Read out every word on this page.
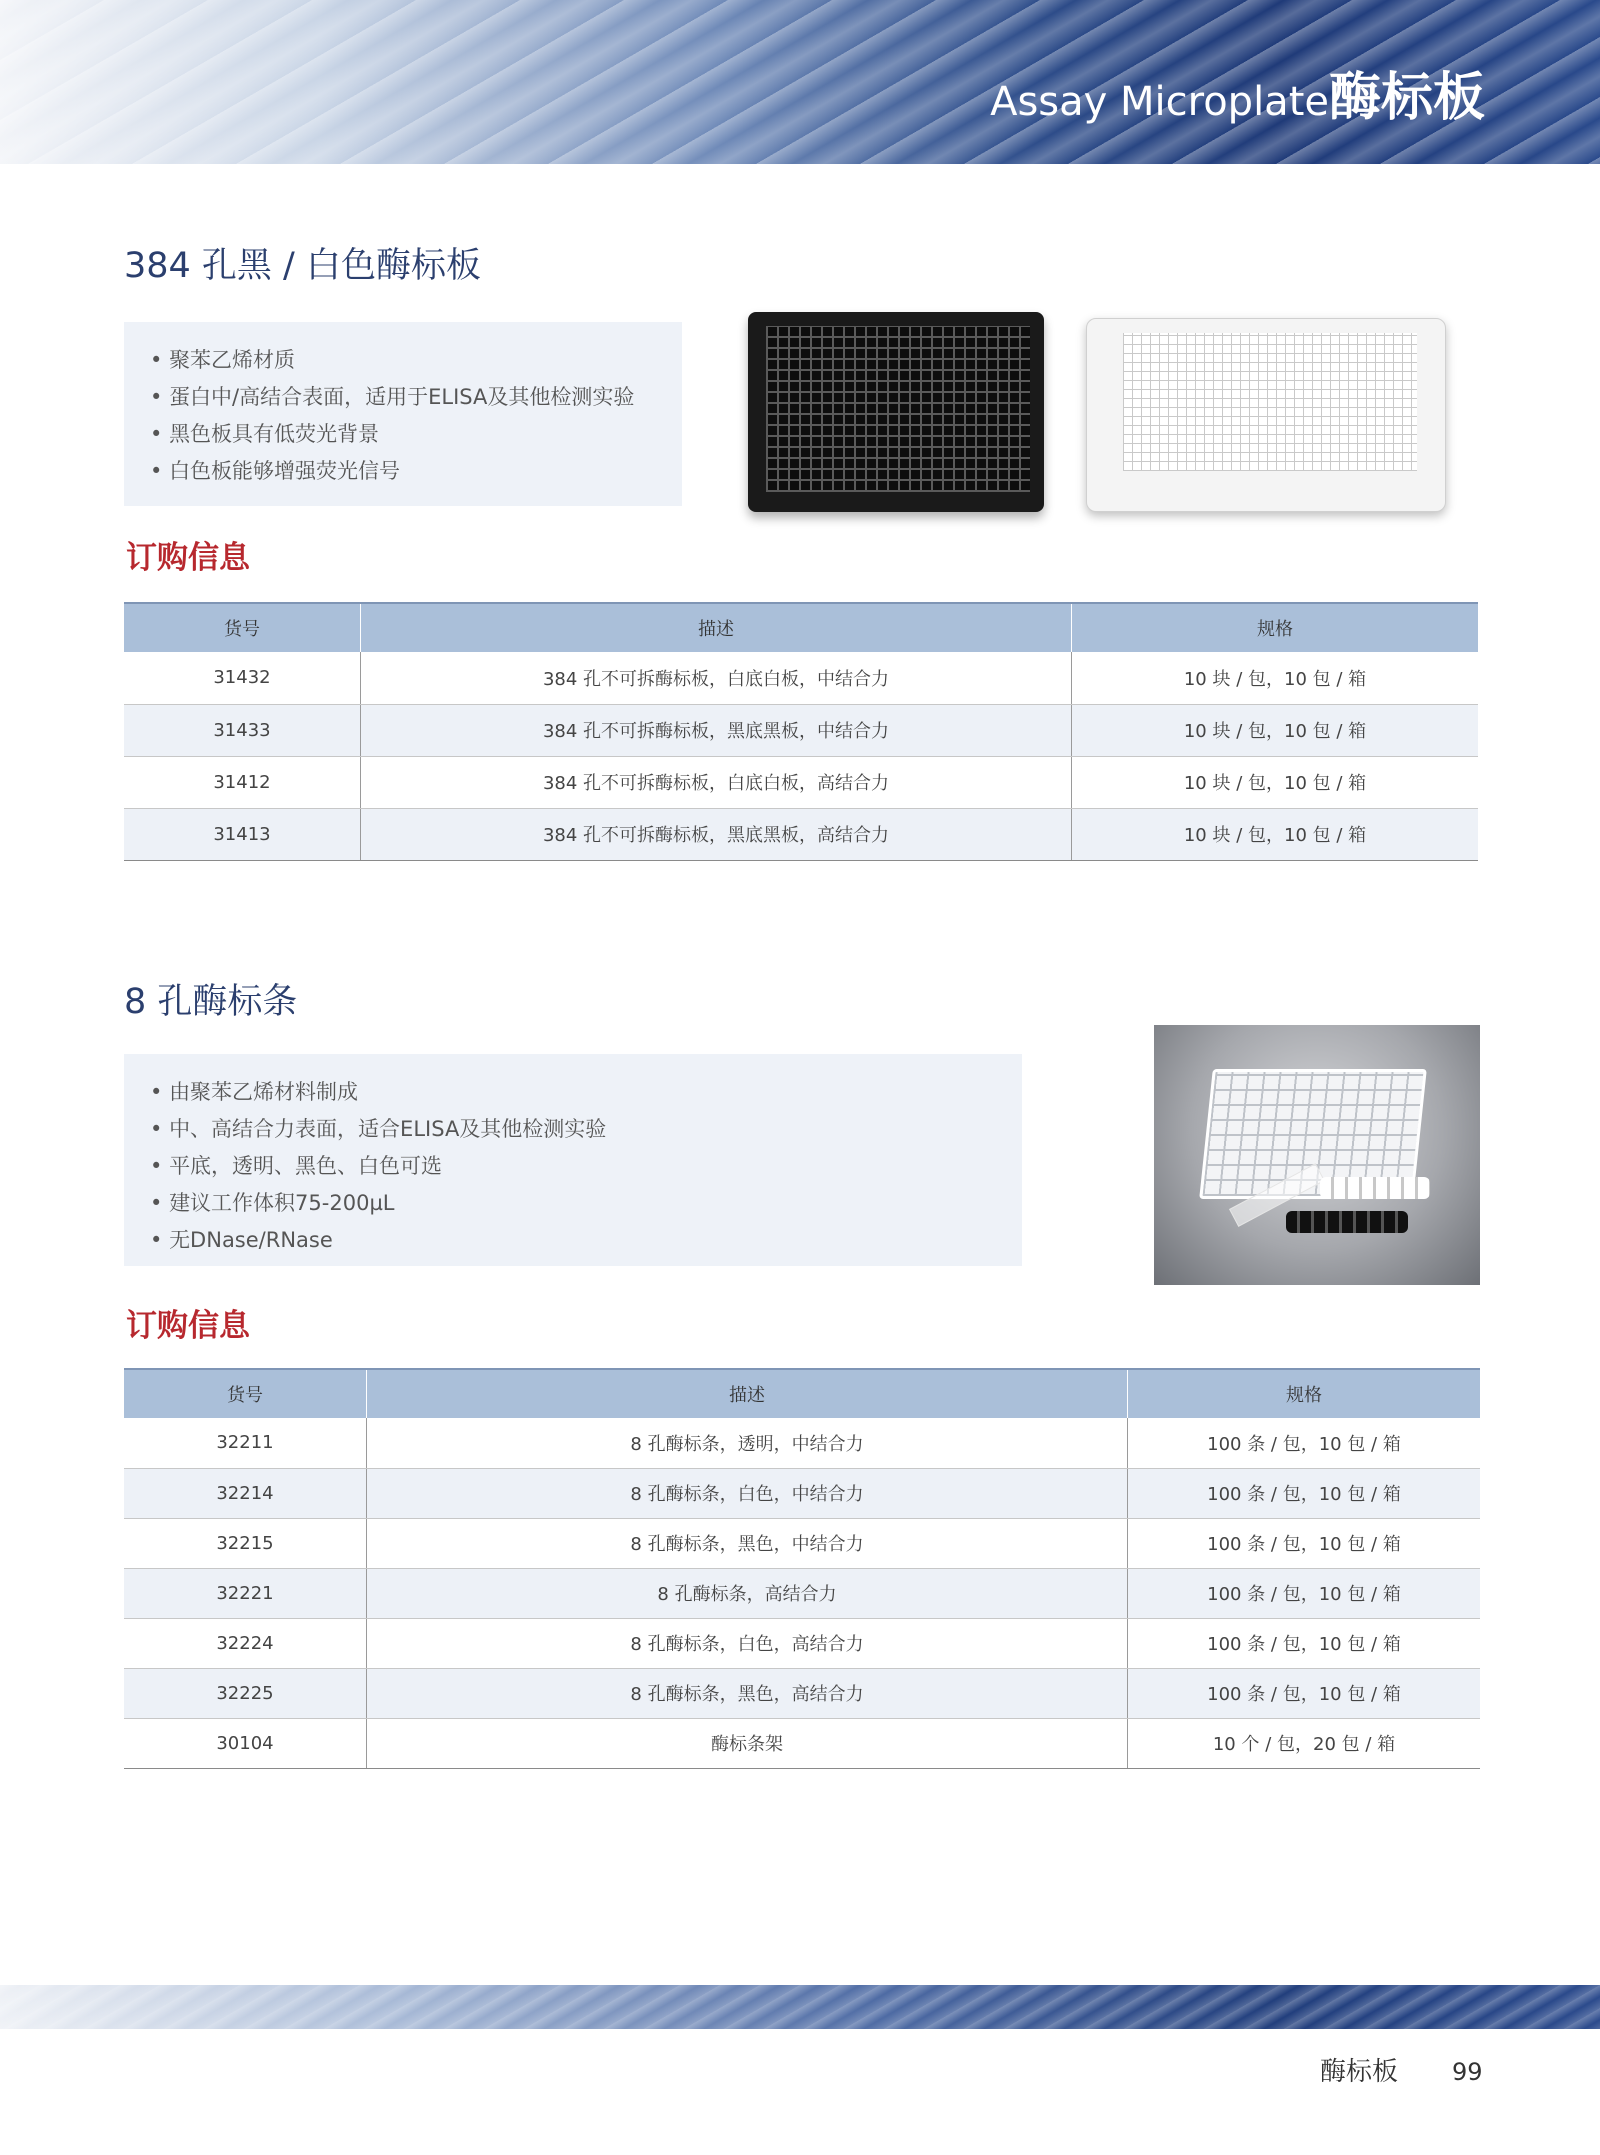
Assay Microplate酶标板
384 孔黑 / 白色酶标板
• 聚苯乙烯材质
• 蛋白中/高结合表面，适用于ELISA及其他检测实验
• 黑色板具有低荧光背景
• 白色板能够增强荧光信号
订购信息
货号	描述	规格
31432	384 孔不可拆酶标板，白底白板，中结合力	10 块 / 包，10 包 / 箱
31433	384 孔不可拆酶标板，黑底黑板，中结合力	10 块 / 包，10 包 / 箱
31412	384 孔不可拆酶标板，白底白板，高结合力	10 块 / 包，10 包 / 箱
31413	384 孔不可拆酶标板，黑底黑板，高结合力	10 块 / 包，10 包 / 箱
8 孔酶标条
• 由聚苯乙烯材料制成
• 中、高结合力表面，适合ELISA及其他检测实验
• 平底，透明、黑色、白色可选
• 建议工作体积75-200µL
• 无DNase/RNase
订购信息
货号	描述	规格
32211	8 孔酶标条，透明，中结合力	100 条 / 包，10 包 / 箱
32214	8 孔酶标条，白色，中结合力	100 条 / 包，10 包 / 箱
32215	8 孔酶标条，黑色，中结合力	100 条 / 包，10 包 / 箱
32221	8 孔酶标条，高结合力	100 条 / 包，10 包 / 箱
32224	8 孔酶标条，白色，高结合力	100 条 / 包，10 包 / 箱
32225	8 孔酶标条，黑色，高结合力	100 条 / 包，10 包 / 箱
30104	酶标条架	10 个 / 包，20 包 / 箱
酶标板 99
